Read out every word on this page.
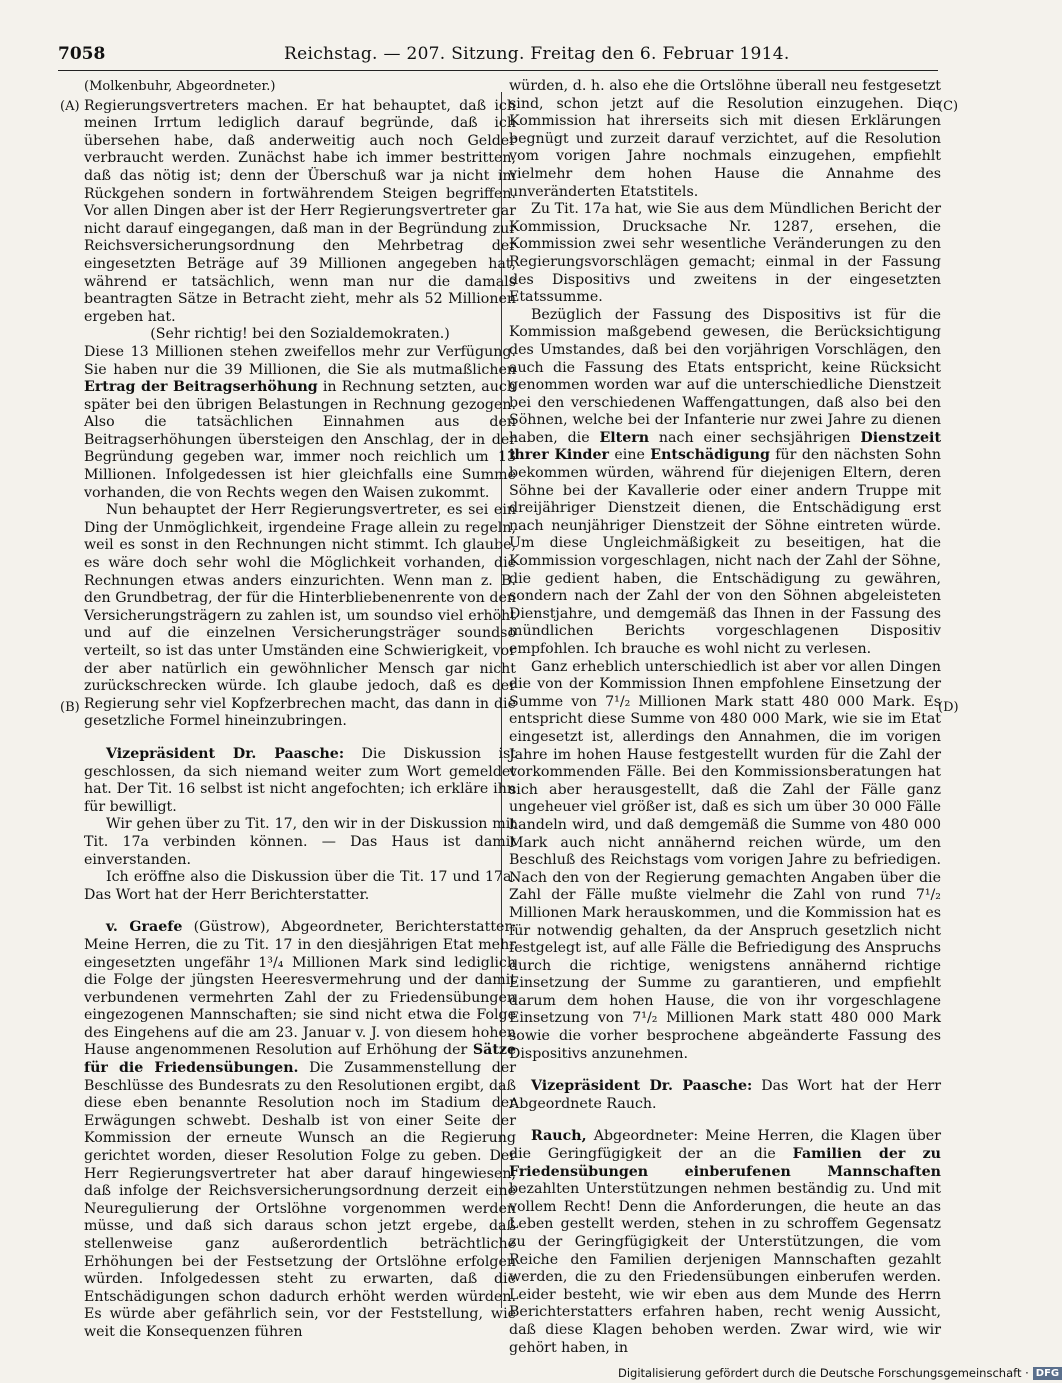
7058	Reichstag. — 207. Sitzung. Freitag den 6. Februar 1914.
(A)
(B)
(C)
(D)
(Molkenbuhr, Abgeordneter.)

Regierungsvertreters machen. Er hat behauptet, daß ich meinen Irrtum lediglich darauf begründe, daß ich übersehen habe, daß anderweitig auch noch Gelder verbraucht werden. Zunächst habe ich immer bestritten, daß das nötig ist; denn der Überschuß war ja nicht im Rückgehen sondern in fortwährendem Steigen begriffen. Vor allen Dingen aber ist der Herr Regierungsvertreter gar nicht darauf eingegangen, daß man in der Begründung zur Reichsversicherungsordnung den Mehrbetrag der eingesetzten Beträge auf 39 Millionen angegeben hat, während er tatsächlich, wenn man nur die damals beantragten Sätze in Betracht zieht, mehr als 52 Millionen ergeben hat.

(Sehr richtig! bei den Sozialdemokraten.)

Diese 13 Millionen stehen zweifellos mehr zur Verfügung. Sie haben nur die 39 Millionen, die Sie als mutmaßlichen Ertrag der Beitragserhöhung in Rechnung setzten, auch später bei den übrigen Belastungen in Rechnung gezogen. Also die tatsächlichen Einnahmen aus den Beitragserhöhungen übersteigen den Anschlag, der in der Begründung gegeben war, immer noch reichlich um 13 Millionen. Infolgedessen ist hier gleichfalls eine Summe vorhanden, die von Rechts wegen den Waisen zukommt.

Nun behauptet der Herr Regierungsvertreter, es sei ein Ding der Unmöglichkeit, irgendeine Frage allein zu regeln, weil es sonst in den Rechnungen nicht stimmt. Ich glaube, es wäre doch sehr wohl die Möglichkeit vorhanden, die Rechnungen etwas anders einzurichten. Wenn man z. B. den Grundbetrag, der für die Hinterbliebenenrente von den Versicherungsträgern zu zahlen ist, um soundso viel erhöht und auf die einzelnen Versicherungsträger soundso verteilt, so ist das unter Umständen eine Schwierigkeit, vor der aber natürlich ein gewöhnlicher Mensch gar nicht zurückschrecken würde. Ich glaube jedoch, daß es der Regierung sehr viel Kopfzerbrechen macht, das dann in die gesetzliche Formel hineinzubringen.

Vizepräsident Dr. Paasche: Die Diskussion ist geschlossen, da sich niemand weiter zum Wort gemeldet hat. Der Tit. 16 selbst ist nicht angefochten; ich erkläre ihn für bewilligt.

Wir gehen über zu Tit. 17, den wir in der Diskussion mit Tit. 17a verbinden können. — Das Haus ist damit einverstanden.

Ich eröffne also die Diskussion über die Tit. 17 und 17a. Das Wort hat der Herr Berichterstatter.

v. Graefe (Güstrow), Abgeordneter, Berichterstatter: Meine Herren, die zu Tit. 17 in den diesjährigen Etat mehr eingesetzten ungefähr 1³/₄ Millionen Mark sind lediglich die Folge der jüngsten Heeresvermehrung und der damit verbundenen vermehrten Zahl der zu Friedensübungen eingezogenen Mannschaften; sie sind nicht etwa die Folge des Eingehens auf die am 23. Januar v. J. von diesem hohen Hause angenommenen Resolution auf Erhöhung der Sätze für die Friedensübungen. Die Zusammenstellung der Beschlüsse des Bundesrats zu den Resolutionen ergibt, daß diese eben benannte Resolution noch im Stadium der Erwägungen schwebt. Deshalb ist von einer Seite der Kommission der erneute Wunsch an die Regierung gerichtet worden, dieser Resolution Folge zu geben. Der Herr Regierungsvertreter hat aber darauf hingewiesen, daß infolge der Reichsversicherungsordnung derzeit eine Neuregulierung der Ortslöhne vorgenommen werden müsse, und daß sich daraus schon jetzt ergebe, daß stellenweise ganz außerordentlich beträchtliche Erhöhungen bei der Festsetzung der Ortslöhne erfolgen würden. Infolgedessen steht zu erwarten, daß die Entschädigungen schon dadurch erhöht werden würden. Es würde aber gefährlich sein, vor der Feststellung, wie weit die Konsequenzen führen

würden, d. h. also ehe die Ortslöhne überall neu festgesetzt sind, schon jetzt auf die Resolution einzugehen. Die Kommission hat ihrerseits sich mit diesen Erklärungen begnügt und zurzeit darauf verzichtet, auf die Resolution vom vorigen Jahre nochmals einzugehen, empfiehlt vielmehr dem hohen Hause die Annahme des unveränderten Etatstitels.

Zu Tit. 17a hat, wie Sie aus dem Mündlichen Bericht der Kommission, Drucksache Nr. 1287, ersehen, die Kommission zwei sehr wesentliche Veränderungen zu den Regierungsvorschlägen gemacht; einmal in der Fassung des Dispositivs und zweitens in der eingesetzten Etatssumme.

Bezüglich der Fassung des Dispositivs ist für die Kommission maßgebend gewesen, die Berücksichtigung des Umstandes, daß bei den vorjährigen Vorschlägen, den auch die Fassung des Etats entspricht, keine Rücksicht genommen worden war auf die unterschiedliche Dienstzeit bei den verschiedenen Waffengattungen, daß also bei den Söhnen, welche bei der Infanterie nur zwei Jahre zu dienen haben, die Eltern nach einer sechsjährigen Dienstzeit ihrer Kinder eine Entschädigung für den nächsten Sohn bekommen würden, während für diejenigen Eltern, deren Söhne bei der Kavallerie oder einer andern Truppe mit dreijähriger Dienstzeit dienen, die Entschädigung erst nach neunjähriger Dienstzeit der Söhne eintreten würde. Um diese Ungleichmäßigkeit zu beseitigen, hat die Kommission vorgeschlagen, nicht nach der Zahl der Söhne, die gedient haben, die Entschädigung zu gewähren, sondern nach der Zahl der von den Söhnen abgeleisteten Dienstjahre, und demgemäß das Ihnen in der Fassung des mündlichen Berichts vorgeschlagenen Dispositiv empfohlen. Ich brauche es wohl nicht zu verlesen.

Ganz erheblich unterschiedlich ist aber vor allen Dingen die von der Kommission Ihnen empfohlene Einsetzung der Summe von 7¹/₂ Millionen Mark statt 480 000 Mark. Es entspricht diese Summe von 480 000 Mark, wie sie im Etat eingesetzt ist, allerdings den Annahmen, die im vorigen Jahre im hohen Hause festgestellt wurden für die Zahl der vorkommenden Fälle. Bei den Kommissionsberatungen hat sich aber herausgestellt, daß die Zahl der Fälle ganz ungeheuer viel größer ist, daß es sich um über 30 000 Fälle handeln wird, und daß demgemäß die Summe von 480 000 Mark auch nicht annähernd reichen würde, um den Beschluß des Reichstags vom vorigen Jahre zu befriedigen. Nach den von der Regierung gemachten Angaben über die Zahl der Fälle mußte vielmehr die Zahl von rund 7¹/₂ Millionen Mark herauskommen, und die Kommission hat es für notwendig gehalten, da der Anspruch gesetzlich nicht festgelegt ist, auf alle Fälle die Befriedigung des Anspruchs durch die richtige, wenigstens annähernd richtige Einsetzung der Summe zu garantieren, und empfiehlt darum dem hohen Hause, die von ihr vorgeschlagene Einsetzung von 7¹/₂ Millionen Mark statt 480 000 Mark sowie die vorher besprochene abgeänderte Fassung des Dispositivs anzunehmen.

Vizepräsident Dr. Paasche: Das Wort hat der Herr Abgeordnete Rauch.

Rauch, Abgeordneter: Meine Herren, die Klagen über die Geringfügigkeit der an die Familien der zu Friedensübungen einberufenen Mannschaften bezahlten Unterstützungen nehmen beständig zu. Und mit vollem Recht! Denn die Anforderungen, die heute an das Leben gestellt werden, stehen in zu schroffem Gegensatz zu der Geringfügigkeit der Unterstützungen, die vom Reiche den Familien derjenigen Mannschaften gezahlt werden, die zu den Friedensübungen einberufen werden. Leider besteht, wie wir eben aus dem Munde des Herrn Berichterstatters erfahren haben, recht wenig Aussicht, daß diese Klagen behoben werden. Zwar wird, wie wir gehört haben, in

Digitalisierung gefördert durch die Deutsche Forschungsgemeinschaft · DFG
